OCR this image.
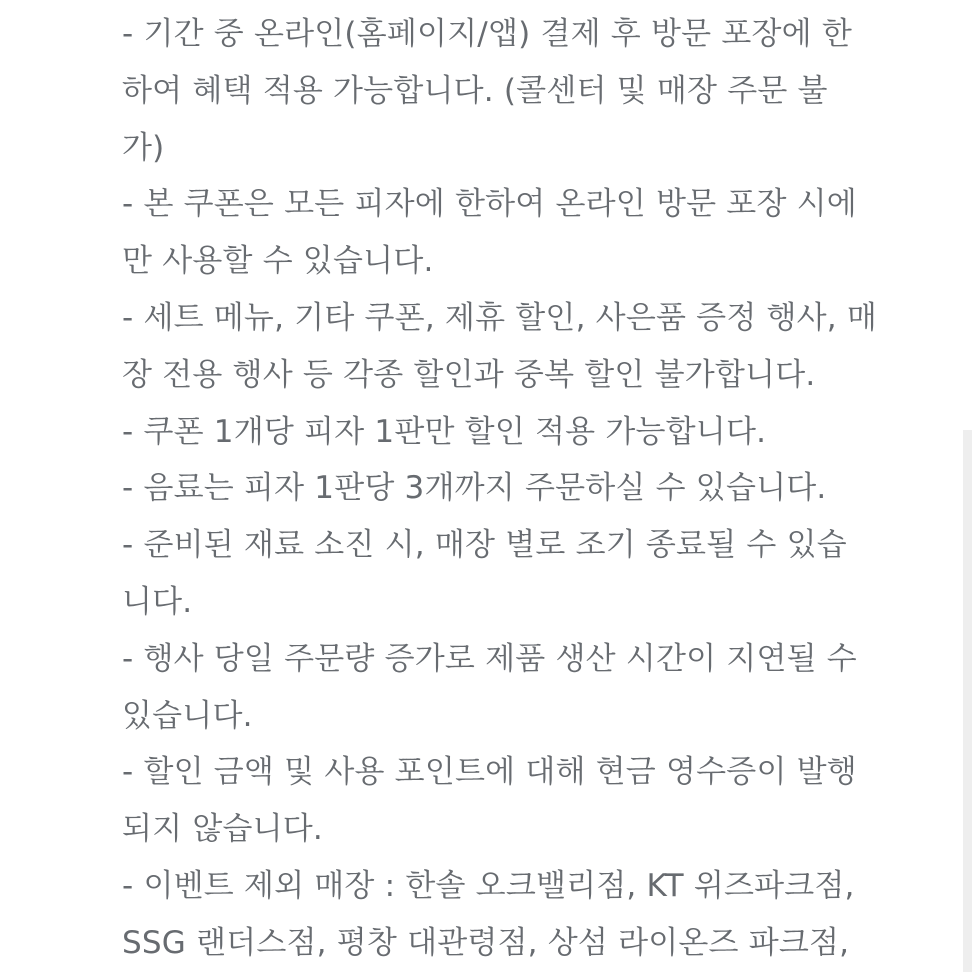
- 기간 중 온라인(홈페이지/앱) 결제 후 방문 포장에 한
하여 혜택 적용 가능합니다. (콜센터 및 매장 주문 불
가)
- 본 쿠폰은 모든 피자에 한하여 온라인 방문 포장 시에
만 사용할 수 있습니다.
- 세트 메뉴, 기타 쿠폰, 제휴 할인, 사은품 증정 행사, 매
장 전용 행사 등 각종 할인과 중복 할인 불가합니다.
- 쿠폰 1개당 피자 1판만 할인 적용 가능합니다.
- 음료는 피자 1판당 3개까지 주문하실 수 있습니다.
- 준비된 재료 소진 시, 매장 별로 조기 종료될 수 있습
니다.
- 행사 당일 주문량 증가로 제품 생산 시간이 지연될 수
있습니다.
- 할인 금액 및 사용 포인트에 대해 현금 영수증이 발행
되지 않습니다.
- 이벤트 제외 매장 : 한솔 오크밸리점, KT 위즈파크점,
SSG 랜더스점, 평창 대관령점, 상섬 라이온즈 파크점,
